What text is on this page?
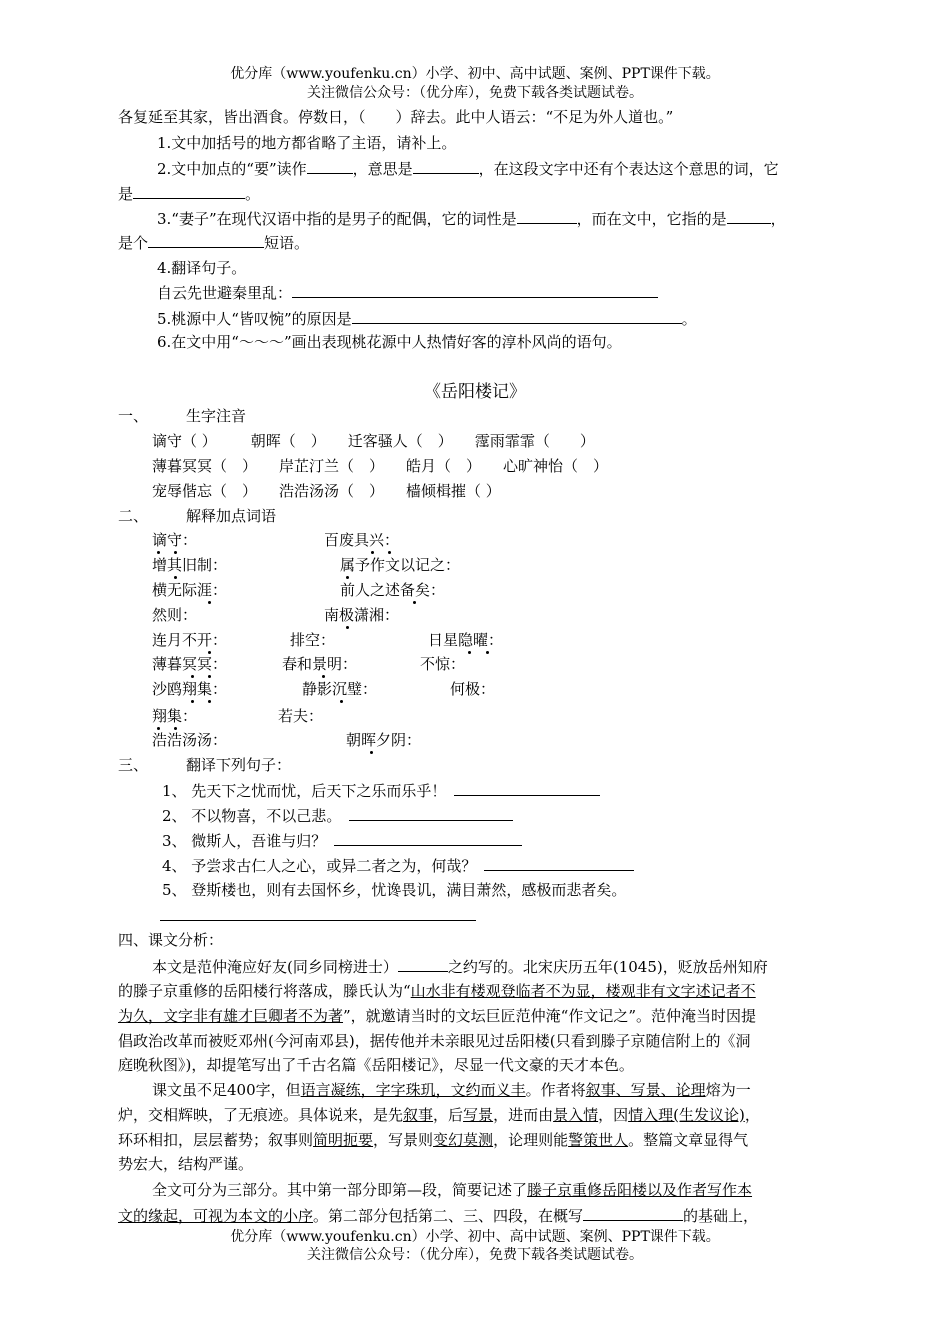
优分库（www.youfenku.cn）小学、初中、高中试题、案例、PPT课件下载。
关注微信公众号：（优分库），免费下载各类试题试卷。
各复延至其家，皆出酒食。停数日，（　　）辞去。此中人语云：“不足为外人道也。”
1.文中加括号的地方都省略了主语，请补上。
2.文中加点的“要”读作	，意思是	，在这段文字中还有个表达这个意思的词，它
是	。
3.“妻子”在现代汉语中指的是男子的配偶，它的词性是	，而在文中，它指的是	，
是个	短语。
4.翻译句子。
自云先世避秦里乱：
5.桃源中人“皆叹惋”的原因是	。
6.在文中用“～～～”画出表现桃花源中人热情好客的淳朴风尚的语句。
《岳阳楼记》
一、	生字注音
谪守（ ） 朝晖（　） 迁客骚人（　） 霪雨霏霏（　　）
薄暮冥冥（　） 岸芷汀兰（　） 皓月（　） 心旷神怡（　）
宠辱偕忘（　） 浩浩汤汤（　） 樯倾楫摧（ ）
二、	解释加点词语
谪守：	百废具兴：
增其旧制：	属予作文以记之：
横无际涯：	前人之述备矣：
然则：	南极潇湘：
连月不开：	排空：	日星隐曜：
薄暮冥冥：	春和景明：	不惊：
沙鸥翔集：	静影沉璧：	何极：
翔集：	若夫：
浩浩汤汤：	朝晖夕阴：
三、	翻译下列句子：
1、 先天下之忧而忧，后天下之乐而乐乎！
2、 不以物喜，不以己悲。
3、 微斯人，吾谁与归？
4、 予尝求古仁人之心，或异二者之为，何哉？
5、 登斯楼也，则有去国怀乡，忧谗畏讥，满目萧然，感极而悲者矣。
四、课文分析：
本文是范仲淹应好友(同乡同榜进士）	之约写的。北宋庆历五年(1045)，贬放岳州知府
的滕子京重修的岳阳楼行将落成，滕氏认为“山水非有楼观登临者不为显，楼观非有文字述记者不
为久，文字非有雄才巨卿者不为著”，就邀请当时的文坛巨匠范仲淹“作文记之”。范仲淹当时因提
倡政治改革而被贬邓州(今河南邓县)，据传他并未亲眼见过岳阳楼(只看到滕子京随信附上的《洞
庭晚秋图》)，却提笔写出了千古名篇《岳阳楼记》，尽显一代文豪的天才本色。
课文虽不足400字，但语言凝练，字字珠玑，文约而义丰。作者将叙事、写景、论理熔为一
炉，交相辉映，了无痕迹。具体说来，是先叙事，后写景，进而由景入情，因情入理(生发议论)，
环环相扣，层层蓄势；叙事则简明扼要，写景则变幻莫测，论理则能警策世人。整篇文章显得气
势宏大，结构严谨。
全文可分为三部分。其中第一部分即第—段，简要记述了滕子京重修岳阳楼以及作者写作本
文的缘起，可视为本文的小序。第二部分包括第二、三、四段，在概写	的基础上，
优分库（www.youfenku.cn）小学、初中、高中试题、案例、PPT课件下载。
关注微信公众号：（优分库），免费下载各类试题试卷。
